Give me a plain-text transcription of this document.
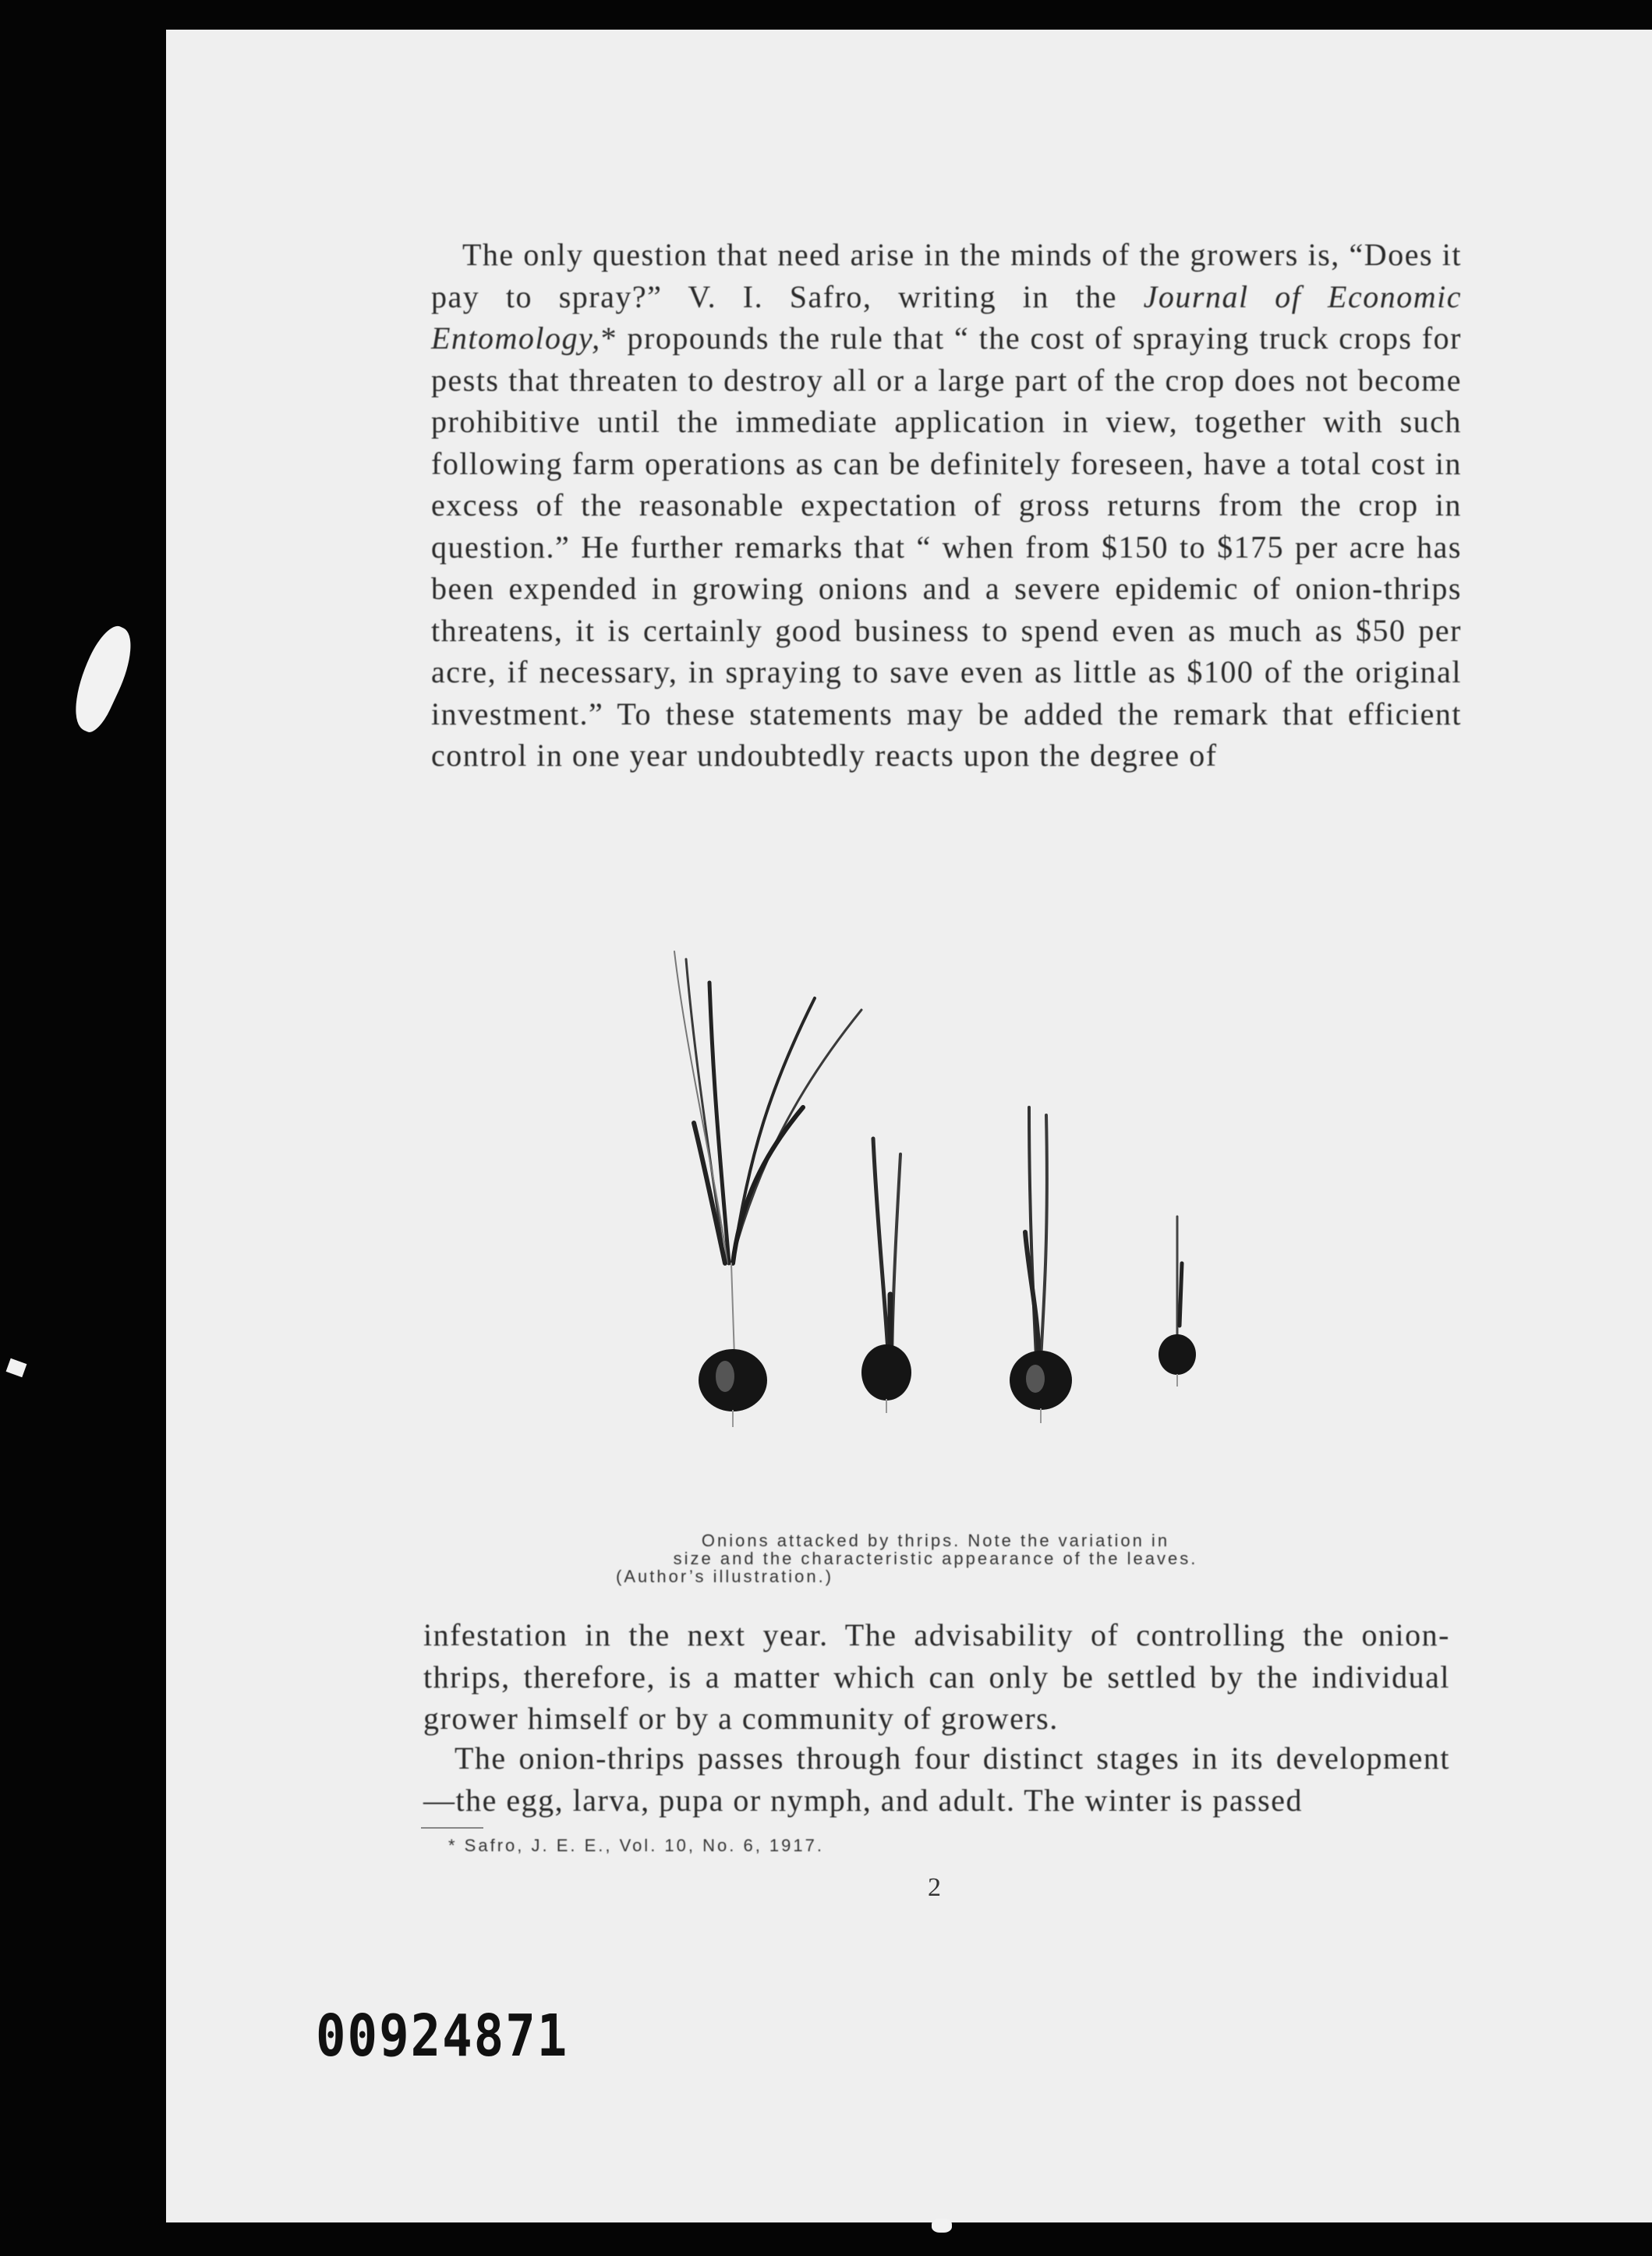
The only question that need arise in the minds of the growers is, “Does it pay to spray?” V. I. Safro, writing in the Journal of Economic Entomology,* propounds the rule that “ the cost of spraying truck crops for pests that threaten to destroy all or a large part of the crop does not become prohibitive until the immediate application in view, together with such following farm operations as can be definitely foreseen, have a total cost in excess of the reasonable expectation of gross returns from the crop in question.” He further remarks that “ when from $150 to $175 per acre has been expended in growing onions and a severe epidemic of onion-thrips threatens, it is certainly good business to spend even as much as $50 per acre, if necessary, in spraying to save even as little as $100 of the original investment.” To these statements may be added the remark that efficient control in one year undoubtedly reacts upon the degree of

Onions attacked by thrips. Note the variation in
size and the characteristic appearance of the leaves.
(Author’s illustration.)

infestation in the next year. The advisability of controlling the onion-thrips, therefore, is a matter which can only be settled by the individual grower himself or by a community of growers.

The onion-thrips passes through four distinct stages in its development—the egg, larva, pupa or nymph, and adult. The winter is passed

* Safro, J. E. E., Vol. 10, No. 6, 1917.
2
00924871
